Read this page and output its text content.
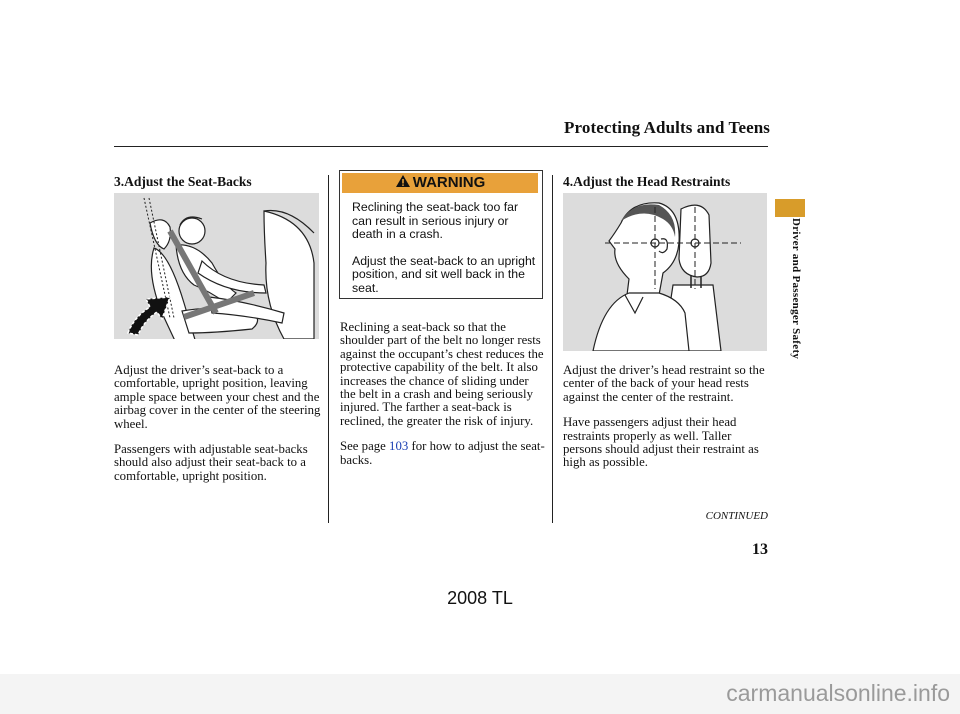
Protecting Adults and Teens
3.Adjust the Seat-Backs

Adjust the driver’s seat-back to a comfortable, upright position, leaving ample space between your chest and the airbag cover in the center of the steering wheel.

Passengers with adjustable seat-backs should also adjust their seat-back to a comfortable, upright position.

WARNING

Reclining the seat-back too far can result in serious injury or death in a crash.

Adjust the seat-back to an upright position, and sit well back in the seat.

Reclining a seat-back so that the shoulder part of the belt no longer rests against the occupant’s chest reduces the protective capability of the belt. It also increases the chance of sliding under the belt in a crash and being seriously injured. The farther a seat-back is reclined, the greater the risk of injury.

See page 103 for how to adjust the seat-backs.

4.Adjust the Head Restraints

Adjust the driver’s head restraint so the center of the back of your head rests against the center of the restraint.

Have passengers adjust their head restraints properly as well. Taller persons should adjust their restraint as high as possible.

Driver and Passenger Safety
CONTINUED
13
2008 TL
carmanualsonline.info
